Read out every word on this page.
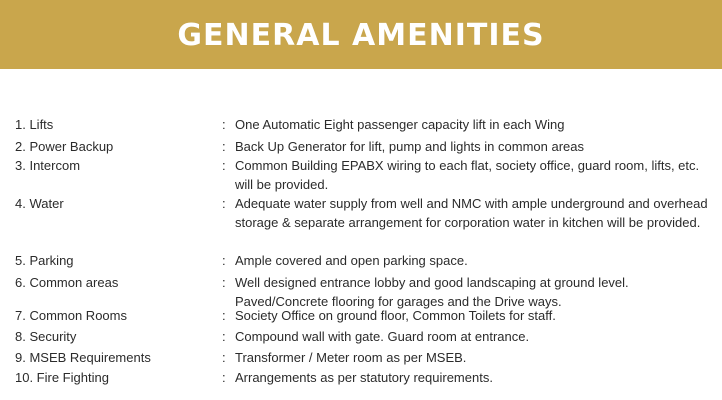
GENERAL AMENITIES
1. Lifts	: One Automatic Eight passenger capacity lift in each Wing
2. Power Backup	: Back Up Generator for lift, pump and lights in common areas
3. Intercom	: Common Building EPABX wiring to each flat, society office, guard room, lifts, etc. will be provided.
4. Water	: Adequate water supply from well and NMC with ample underground and overhead storage & separate arrangement for corporation water in kitchen will be provided.
5. Parking	: Ample covered and open parking space.
6. Common areas	: Well designed entrance lobby and good landscaping at ground level. Paved/Concrete flooring for garages and the Drive ways.
7. Common Rooms	: Society Office on ground floor, Common Toilets for staff.
8. Security	: Compound wall with gate. Guard room at entrance.
9. MSEB Requirements	: Transformer / Meter room as per MSEB.
10. Fire Fighting	: Arrangements as per statutory requirements.
